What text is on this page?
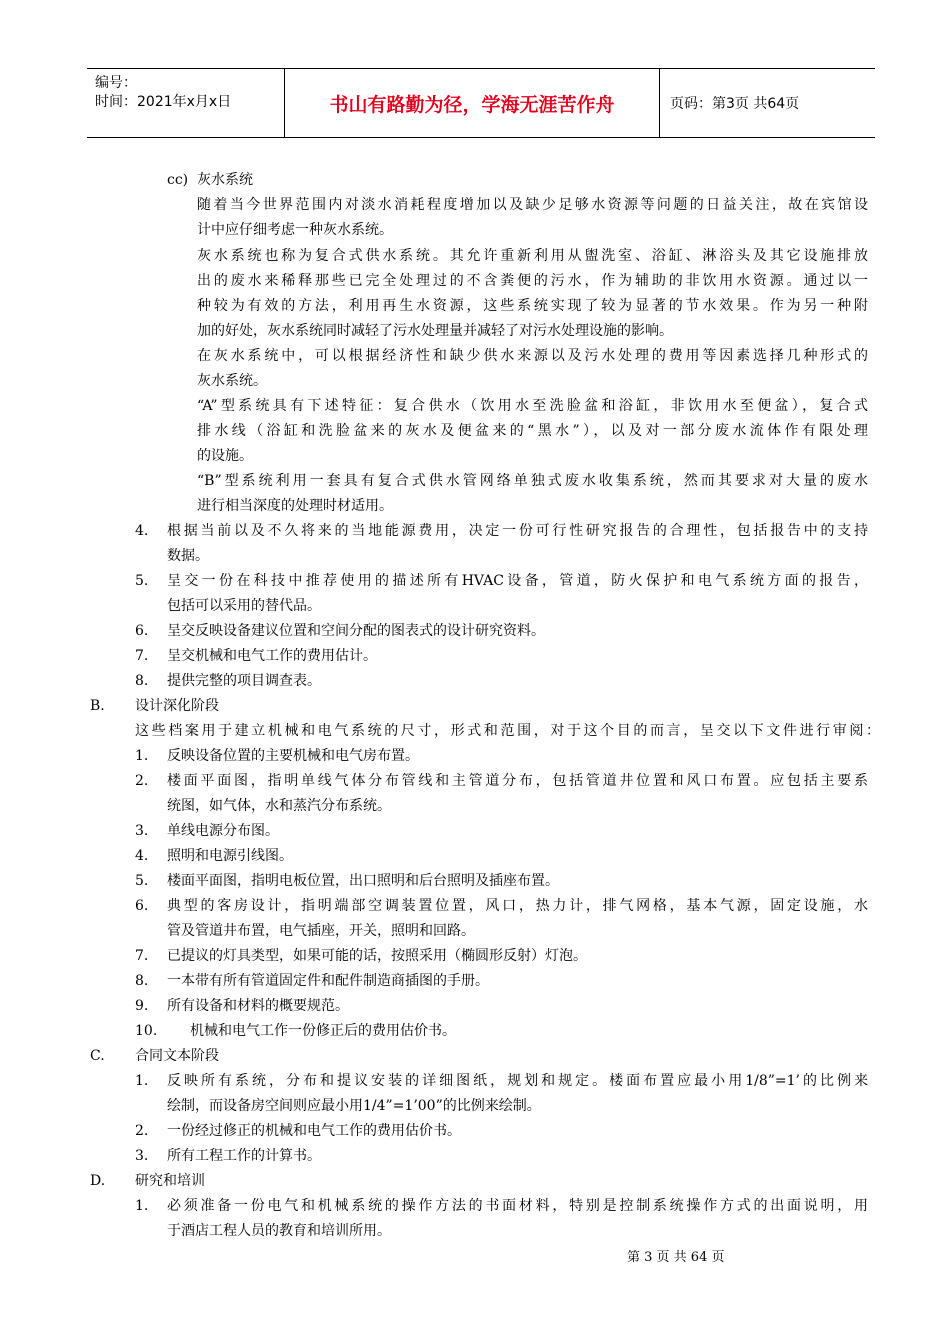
编号：
时间：2021年x月x日	书山有路勤为径，学海无涯苦作舟	页码：第3页 共64页
cc) 灰水系统
随着当今世界范围内对淡水消耗程度增加以及缺少足够水资源等问题的日益关注，故在宾馆设
计中应仔细考虑一种灰水系统。
灰水系统也称为复合式供水系统。其允许重新利用从盥洗室、浴缸、淋浴头及其它设施排放
出的废水来稀释那些已完全处理过的不含粪便的污水，作为辅助的非饮用水资源。通过以一
种较为有效的方法，利用再生水资源，这些系统实现了较为显著的节水效果。作为另一种附
加的好处，灰水系统同时减轻了污水处理量并减轻了对污水处理设施的影响。
在灰水系统中，可以根据经济性和缺少供水来源以及污水处理的费用等因素选择几种形式的
灰水系统。
“A”型系统具有下述特征：复合供水（饮用水至洗脸盆和浴缸，非饮用水至便盆），复合式
排水线（浴缸和洗脸盆来的灰水及便盆来的“黑水”），以及对一部分废水流体作有限处理
的设施。
“B”型系统利用一套具有复合式供水管网络单独式废水收集系统，然而其要求对大量的废水
进行相当深度的处理时材适用。
4. 根据当前以及不久将来的当地能源费用，决定一份可行性研究报告的合理性，包括报告中的支持
数据。
5. 呈交一份在科技中推荐使用的描述所有HVAC设备，管道，防火保护和电气系统方面的报告，
包括可以采用的替代品。
6. 呈交反映设备建议位置和空间分配的图表式的设计研究资料。
7. 呈交机械和电气工作的费用估计。
8. 提供完整的项目调查表。
B. 设计深化阶段
这些档案用于建立机械和电气系统的尺寸，形式和范围，对于这个目的而言，呈交以下文件进行审阅：
1. 反映设备位置的主要机械和电气房布置。
2. 楼面平面图，指明单线气体分布管线和主管道分布，包括管道井位置和风口布置。应包括主要系
统图，如气体，水和蒸汽分布系统。
3. 单线电源分布图。
4. 照明和电源引线图。
5. 楼面平面图，指明电板位置，出口照明和后台照明及插座布置。
6. 典型的客房设计，指明端部空调装置位置，风口，热力计，排气网格，基本气源，固定设施，水
管及管道井布置，电气插座，开关，照明和回路。
7. 已提议的灯具类型，如果可能的话，按照采用（椭圆形反射）灯泡。
8. 一本带有所有管道固定件和配件制造商插图的手册。
9. 所有设备和材料的概要规范。
10. 机械和电气工作一份修正后的费用估价书。
C. 合同文本阶段
1. 反映所有系统，分布和提议安装的详细图纸，规划和规定。楼面布置应最小用1/8”=1’的比例来
绘制，而设备房空间则应最小用1/4”=1’00”的比例来绘制。
2. 一份经过修正的机械和电气工作的费用估价书。
3. 所有工程工作的计算书。
D. 研究和培训
1. 必须准备一份电气和机械系统的操作方法的书面材料，特别是控制系统操作方式的出面说明，用
于酒店工程人员的教育和培训所用。
第 3 页 共 64 页
